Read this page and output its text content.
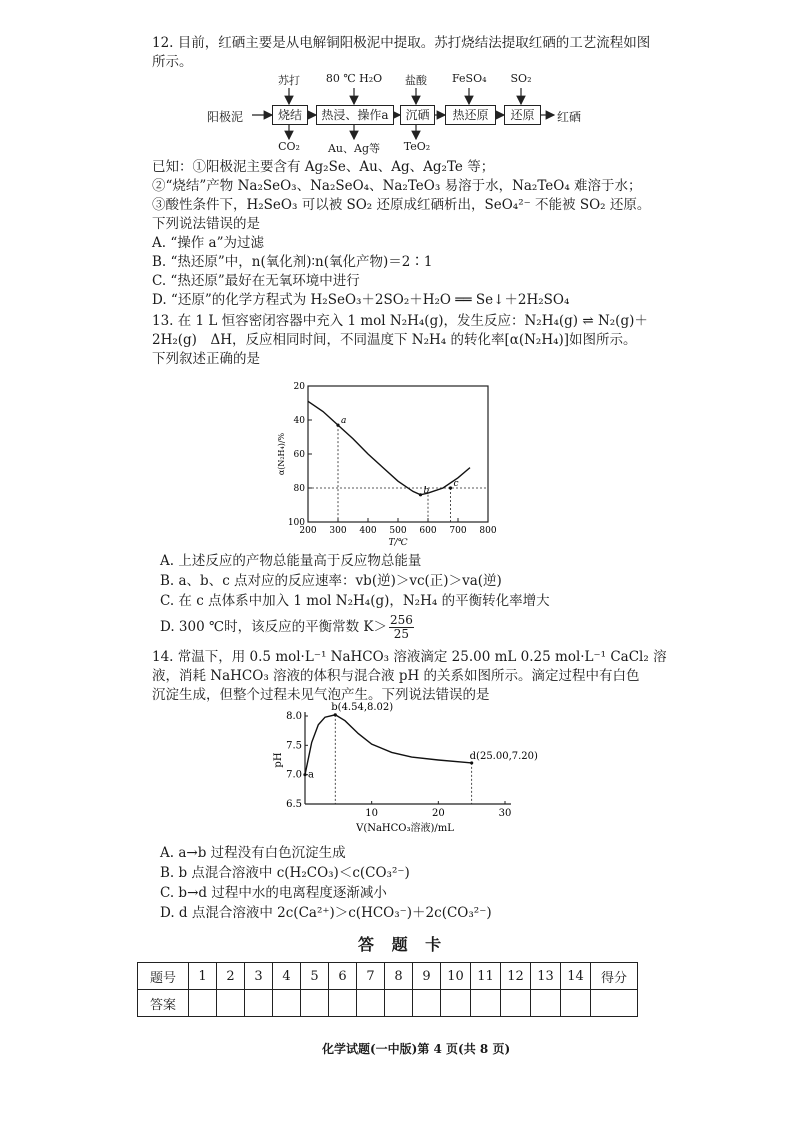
12. 目前，红硒主要是从电解铜阳极泥中提取。苏打烧结法提取红硒的工艺流程如图
所示。
阳极泥	红硒
烧结	热浸、操作a	沉硒	热还原	还原
苏打	80 ℃ H₂O	盐酸	FeSO₄	SO₂
CO₂	Au、Ag等	TeO₂
已知：①阳极泥主要含有 Ag₂Se、Au、Ag、Ag₂Te 等；
②“烧结”产物 Na₂SeO₃、Na₂SeO₄、Na₂TeO₃ 易溶于水，Na₂TeO₄ 难溶于水；
③酸性条件下，H₂SeO₃ 可以被 SO₂ 还原成红硒析出，SeO₄²⁻ 不能被 SO₂ 还原。
下列说法错误的是
A. “操作 a”为过滤
B. “热还原”中，n(氧化剂)∶n(氧化产物)＝2∶1
C. “热还原”最好在无氧环境中进行
D. “还原”的化学方程式为 H₂SeO₃＋2SO₂＋H₂O ══ Se↓＋2H₂SO₄
13. 在 1 L 恒容密闭容器中充入 1 mol N₂H₄(g)，发生反应：N₂H₄(g) ⇌ N₂(g)＋
2H₂(g)　ΔH，反应相同时间，不同温度下 N₂H₄ 的转化率[α(N₂H₄)]如图所示。
下列叙述正确的是
200 300 400 500 600 700 800
20
40
60
80
100
T/℃
α(N₂H₄)/%
a
b
c
A. 上述反应的产物总能量高于反应物总能量
B. a、b、c 点对应的反应速率：vb(逆)＞vc(正)＞va(逆)
C. 在 c 点体系中加入 1 mol N₂H₄(g)，N₂H₄ 的平衡转化率增大
D. 300 ℃时，该反应的平衡常数 $K> \frac{256}{25}$
14. 常温下，用 0.5 mol·L⁻¹ NaHCO₃ 溶液滴定 25.00 mL 0.25 mol·L⁻¹ CaCl₂ 溶
液，消耗 NaHCO₃ 溶液的体积与混合液 pH 的关系如图所示。滴定过程中有白色
沉淀生成，但整个过程未见气泡产生。下列说法错误的是
10	20	30
6.5
7.0
7.5
8.0
V(NaHCO₃溶液)/mL
pH
a
b(4.54,8.02)
d(25.00,7.20)
A. a→b 过程没有白色沉淀生成
B. b 点混合溶液中 c(H₂CO₃)＜c(CO₃²⁻)
C. b→d 过程中水的电离程度逐渐减小
D. d 点混合溶液中 2c(Ca²⁺)＞c(HCO₃⁻)＋2c(CO₃²⁻)
答 题 卡
题号	1	2	3	4	5	6	7	8	9	10	11	12	13	14	得分
答案															
化学试题(一中版)第 4 页(共 8 页)
